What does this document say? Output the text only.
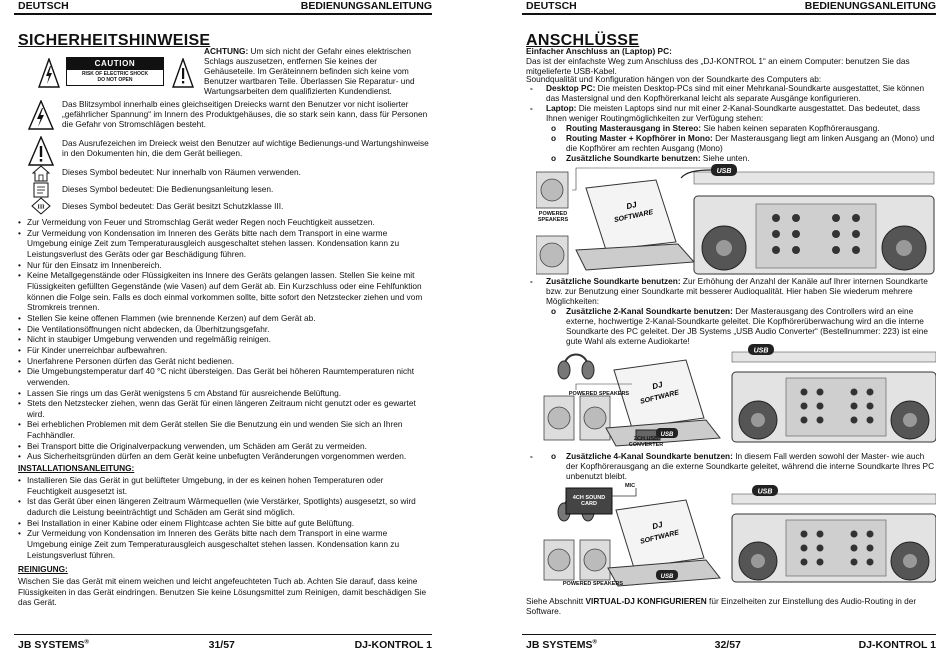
DEUTSCH	BEDIENUNGSANLEITUNG
SICHERHEITSHINWEISE
CAUTION
RISK OF ELECTRIC SHOCK
DO NOT OPEN
ACHTUNG: Um sich nicht der Gefahr eines elektrischen Schlags auszusetzen, entfernen Sie keines der Gehäuseteile. Im Geräteinnern befinden sich keine vom Benutzer wartbaren Teile. Überlassen Sie Reparatur- und Wartungsarbeiten dem qualifizierten Kundendienst.
Das Blitzsymbol innerhalb eines gleichseitigen Dreiecks warnt den Benutzer vor nicht isolierter „gefährlicher Spannung“ im Innern des Produktgehäuses, die so stark sein kann, dass für Personen die Gefahr von Stromschlägen besteht.
Das Ausrufezeichen im Dreieck weist den Benutzer auf wichtige Bedienungs-und Wartungshinweise in den Dokumenten hin, die dem Gerät beiliegen.
Dieses Symbol bedeutet: Nur innerhalb von Räumen verwenden.
Dieses Symbol bedeutet: Die Bedienungsanleitung lesen.
III Dieses Symbol bedeutet: Das Gerät besitzt Schutzklasse III.
• Zur Vermeidung von Feuer und Stromschlag Gerät weder Regen noch Feuchtigkeit aussetzen.
• Zur Vermeidung von Kondensation im Inneren des Geräts bitte nach dem Transport in eine warme Umgebung einige Zeit zum Temperaturausgleich ausgeschaltet stehen lassen. Kondensation kann zu Leistungsverlust des Geräts oder gar Beschädigung führen.
• Nur für den Einsatz im Innenbereich.
• Keine Metallgegenstände oder Flüssigkeiten ins Innere des Geräts gelangen lassen. Stellen Sie keine mit Flüssigkeiten gefüllten Gegenstände (wie Vasen) auf dem Gerät ab. Ein Kurzschluss oder eine Fehlfunktion können die Folge sein. Falls es doch einmal vorkommen sollte, bitte sofort den Netzstecker ziehen und vom Stromkreis trennen.
• Stellen Sie keine offenen Flammen (wie brennende Kerzen) auf dem Gerät ab.
• Die Ventilationsöffnungen nicht abdecken, da Überhitzungsgefahr.
• Nicht in staubiger Umgebung verwenden und regelmäßig reinigen.
• Für Kinder unerreichbar aufbewahren.
• Unerfahrene Personen dürfen das Gerät nicht bedienen.
• Die Umgebungstemperatur darf 40 °C nicht übersteigen. Das Gerät bei höheren Raumtemperaturen nicht verwenden.
• Lassen Sie rings um das Gerät wenigstens 5 cm Abstand für ausreichende Belüftung.
• Stets den Netzstecker ziehen, wenn das Gerät für einen längeren Zeitraum nicht genutzt oder es gewartet wird.
• Bei erheblichen Problemen mit dem Gerät stellen Sie die Benutzung ein und wenden Sie sich an Ihren Fachhändler.
• Bei Transport bitte die Originalverpackung verwenden, um Schäden am Gerät zu vermeiden.
• Aus Sicherheitsgründen dürfen an dem Gerät keine unbefugten Veränderungen vorgenommen werden.
INSTALLATIONSANLEITUNG:
• Installieren Sie das Gerät in gut belüfteter Umgebung, in der es keinen hohen Temperaturen oder Feuchtigkeit ausgesetzt ist.
• Ist das Gerät über einen längeren Zeitraum Wärmequellen (wie Verstärker, Spotlights) ausgesetzt, so wird dadurch die Leistung beeinträchtigt und Schäden am Gerät sind möglich.
• Bei Installation in einer Kabine oder einem Flightcase achten Sie bitte auf gute Belüftung.
• Zur Vermeidung von Kondensation im Inneren des Geräts bitte nach dem Transport in eine warme Umgebung einige Zeit zum Temperaturausgleich ausgeschaltet stehen lassen. Kondensation kann zu Leistungsverlust führen.
REINIGUNG:
Wischen Sie das Gerät mit einem weichen und leicht angefeuchteten Tuch ab. Achten Sie darauf, dass keine Flüssigkeiten in das Gerät eindringen. Benutzen Sie keine Lösungsmittel zum Reinigen, damit beschädigen Sie das Gerät.
JB SYSTEMS®	31/57	DJ-KONTROL 1
DEUTSCH	BEDIENUNGSANLEITUNG
ANSCHLÜSSE
Einfacher Anschluss an (Laptop) PC:
Das ist der einfachste Weg zum Anschluss des „DJ-KONTROL 1“ an einem Computer: benutzen Sie das mitgelieferte USB-Kabel.
Soundqualität und Konfiguration hängen von der Soundkarte des Computers ab:
- Desktop PC: Die meisten Desktop-PCs sind mit einer Mehrkanal-Soundkarte ausgestattet, Sie können das Mastersignal und den Kopfhörerkanal leicht als separate Ausgänge konfigurieren.
- Laptop: Die meisten Laptops sind nur mit einer 2-Kanal-Soundkarte ausgestattet. Das bedeutet, dass Ihnen weniger Routingmöglichkeiten zur Verfügung stehen:
o Routing Masterausgang in Stereo: Sie haben keinen separaten Kopfhörerausgang.
o Routing Master + Kopfhörer in Mono: Der Masterausgang liegt am linken Ausgang an (Mono) und die Kopfhörer am rechten Ausgang (Mono)
o Zusätzliche Soundkarte benutzen: Siehe unten.
DJ
SOFTWARE
USB
POWERED SPEAKERS
- Zusätzliche Soundkarte benutzen: Zur Erhöhung der Anzahl der Kanäle auf Ihrer internen Soundkarte bzw. zur Benutzung einer Soundkarte mit besserer Audioqualität. Hier haben Sie wiederum mehrere Möglichkeiten:
o Zusätzliche 2-Kanal Soundkarte benutzen: Der Masterausgang des Controllers wird an eine externe, hochwertige 2-Kanal-Soundkarte geleitet. Die Kopfhörerüberwachung wird an die interne Soundkarte des PC geleitet. Der JB Systems „USB Audio Converter“ (Bestellnummer: 223) ist eine gute Wahl als externe Audiokarte!
DJ
SOFTWARE
USB
USB
POWERED SPEAKERS
2CH USB CONVERTER
o - Zusätzliche 4-Kanal Soundkarte benutzen: In diesem Fall werden sowohl der Master- wie auch der Kopfhörerausgang an die externe Soundkarte geleitet, während die interne Soundkarte Ihres PC unbenutzt bleibt.
DJ
SOFTWARE
USB
USB
MIC
4CH SOUND CARD
POWERED SPEAKERS
Siehe Abschnitt VIRTUAL-DJ KONFIGURIEREN für Einzelheiten zur Einstellung des Audio-Routing in der Software.
JB SYSTEMS®	32/57	DJ-KONTROL 1
